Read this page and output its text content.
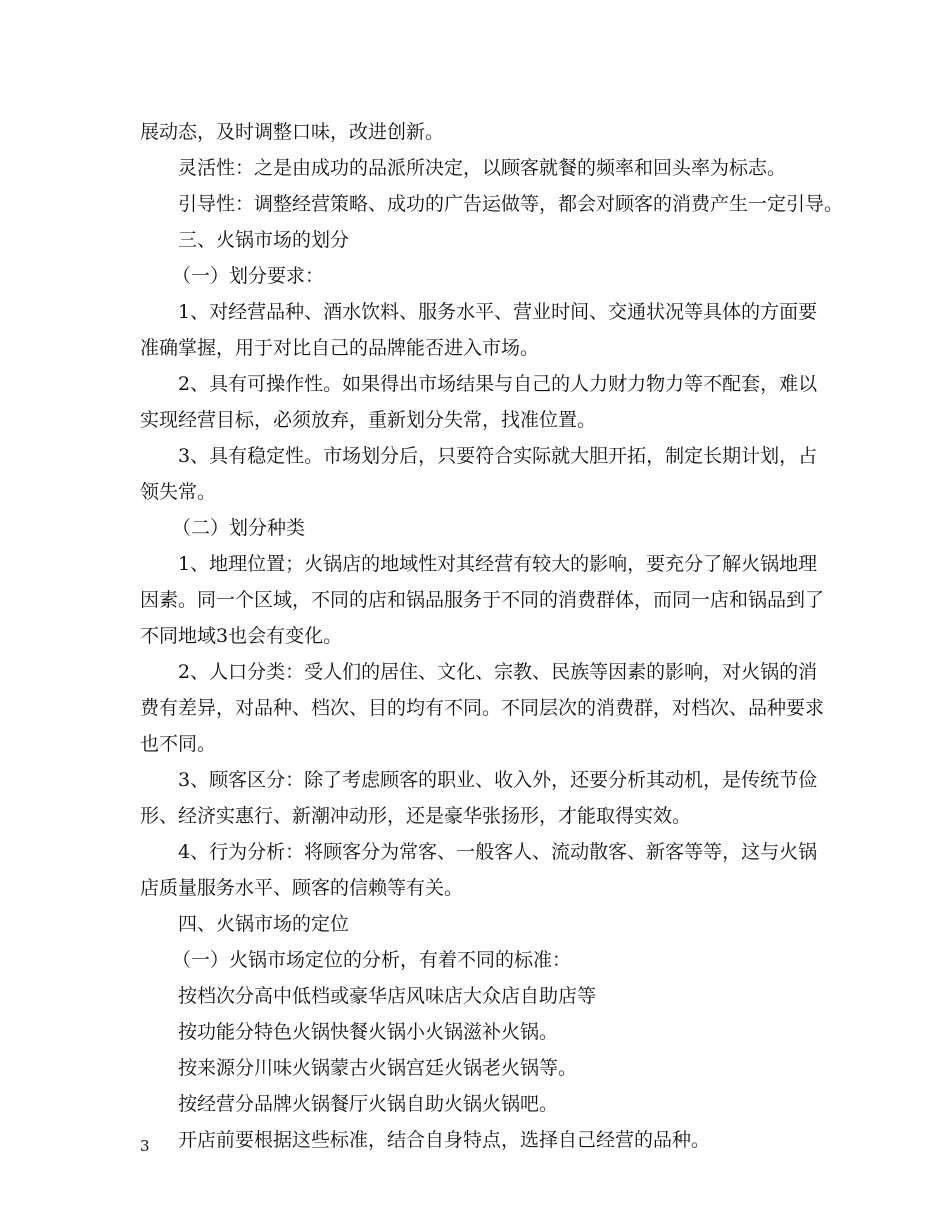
展动态，及时调整口味，改进创新。
灵活性：之是由成功的品派所决定，以顾客就餐的频率和回头率为标志。
引导性：调整经营策略、成功的广告运做等，都会对顾客的消费产生一定引导。
三、火锅市场的划分
（一）划分要求：
1、对经营品种、酒水饮料、服务水平、营业时间、交通状况等具体的方面要
准确掌握，用于对比自己的品牌能否进入市场。
2、具有可操作性。如果得出市场结果与自己的人力财力物力等不配套，难以
实现经营目标，必须放弃，重新划分失常，找准位置。
3、具有稳定性。市场划分后，只要符合实际就大胆开拓，制定长期计划，占
领失常。
（二）划分种类
1、地理位置；火锅店的地域性对其经营有较大的影响，要充分了解火锅地理
因素。同一个区域，不同的店和锅品服务于不同的消费群体，而同一店和锅品到了
不同地域3也会有变化。
2、人口分类：受人们的居住、文化、宗教、民族等因素的影响，对火锅的消
费有差异，对品种、档次、目的均有不同。不同层次的消费群，对档次、品种要求
也不同。
3、顾客区分：除了考虑顾客的职业、收入外，还要分析其动机，是传统节俭
形、经济实惠行、新潮冲动形，还是豪华张扬形，才能取得实效。
4、行为分析：将顾客分为常客、一般客人、流动散客、新客等等，这与火锅
店质量服务水平、顾客的信赖等有关。
四、火锅市场的定位
（一）火锅市场定位的分析，有着不同的标准：
按档次分高中低档或豪华店风味店大众店自助店等
按功能分特色火锅快餐火锅小火锅滋补火锅。
按来源分川味火锅蒙古火锅宫廷火锅老火锅等。
按经营分品牌火锅餐厅火锅自助火锅火锅吧。
开店前要根据这些标准，结合自身特点，选择自己经营的品种。
3
